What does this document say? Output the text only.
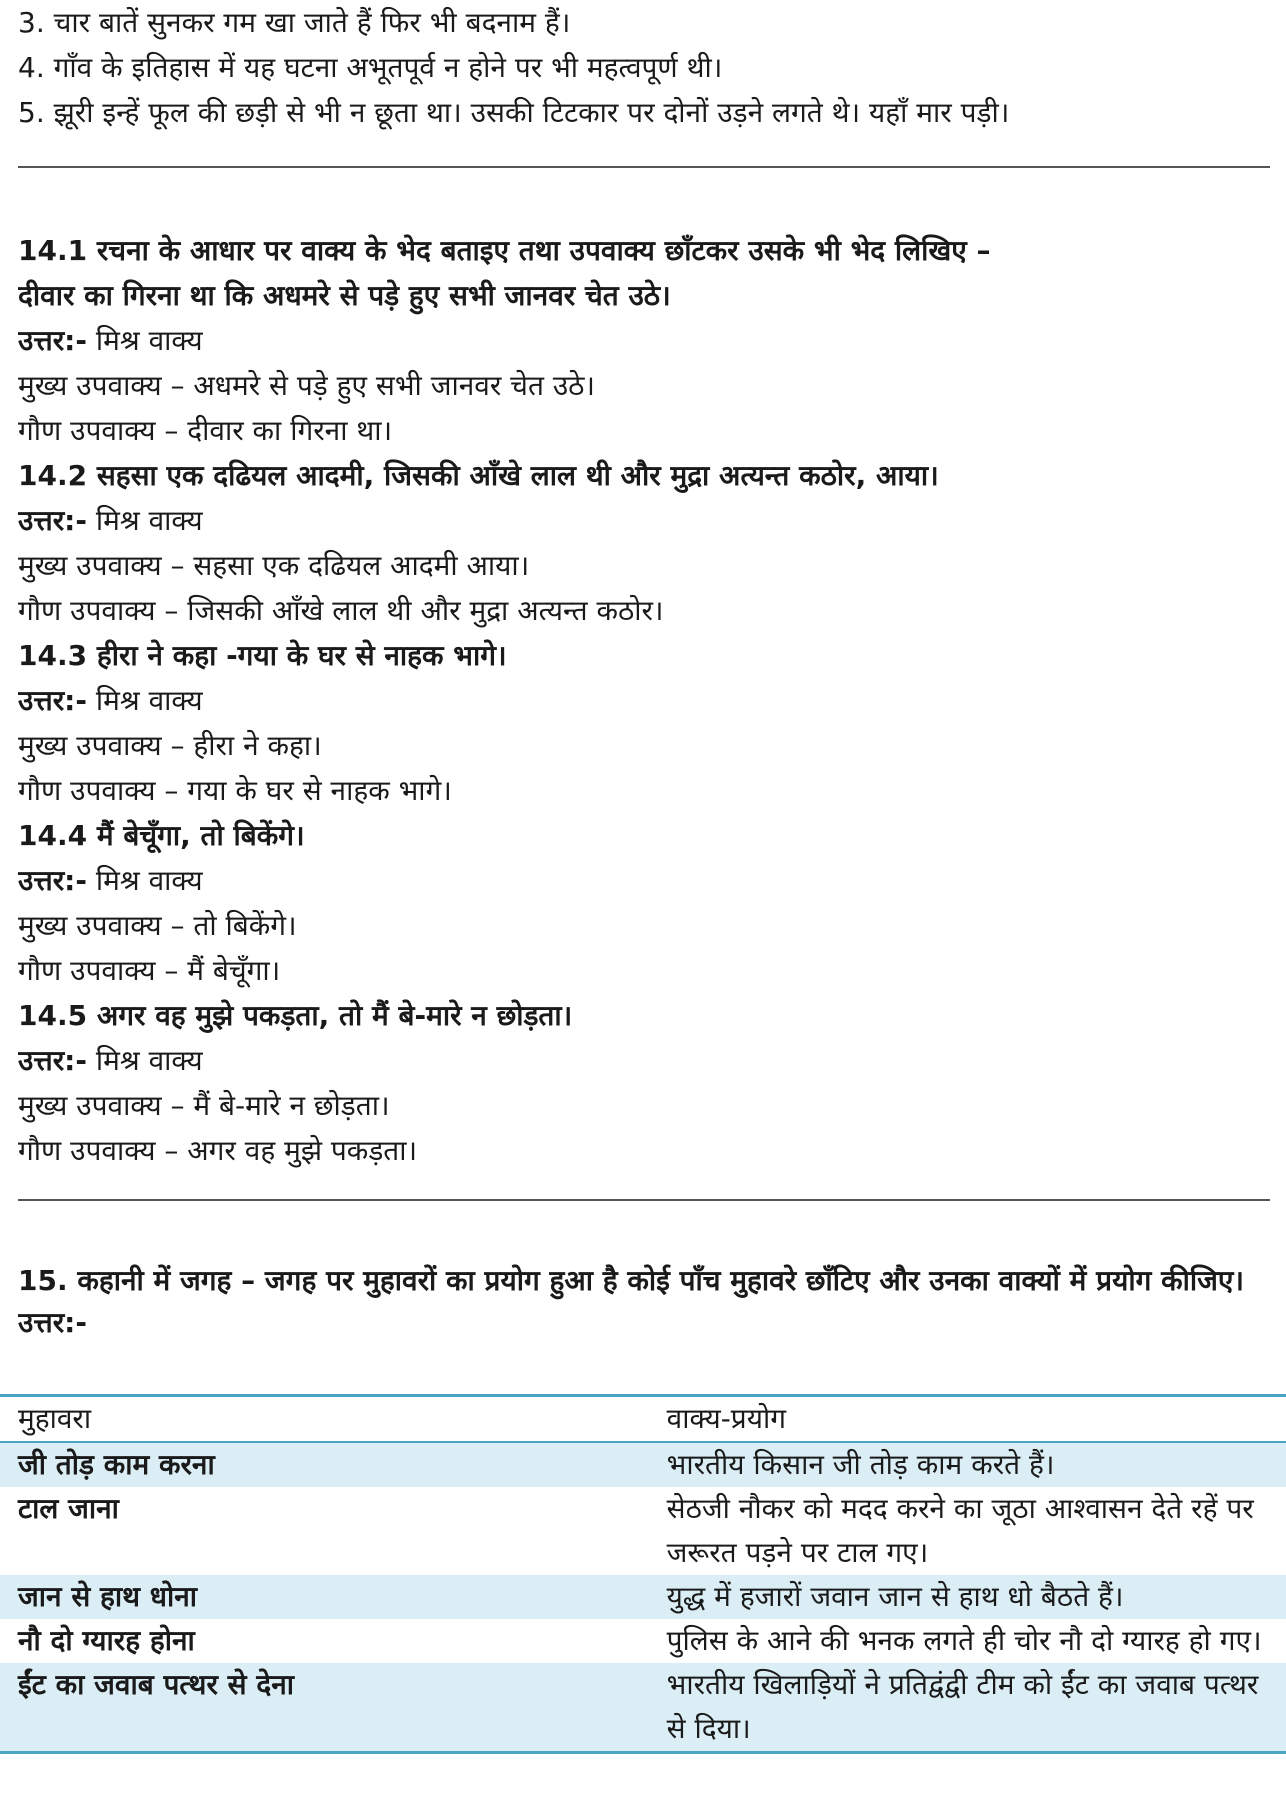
3. चार बातें सुनकर गम खा जाते हैं फिर भी बदनाम हैं।
4. गाँव के इतिहास में यह घटना अभूतपूर्व न होने पर भी महत्वपूर्ण थी।
5. झूरी इन्हें फूल की छड़ी से भी न छूता था। उसकी टिटकार पर दोनों उड़ने लगते थे। यहाँ मार पड़ी।
14.1 रचना के आधार पर वाक्य के भेद बताइए तथा उपवाक्य छाँटकर उसके भी भेद लिखिए –
दीवार का गिरना था कि अधमरे से पड़े हुए सभी जानवर चेत उठे।
उत्तर:- मिश्र वाक्य
मुख्य उपवाक्य – अधमरे से पड़े हुए सभी जानवर चेत उठे।
गौण उपवाक्य – दीवार का गिरना था।
14.2 सहसा एक दढियल आदमी, जिसकी आँखे लाल थी और मुद्रा अत्यन्त कठोर, आया।
उत्तर:- मिश्र वाक्य
मुख्य उपवाक्य – सहसा एक दढियल आदमी आया।
गौण उपवाक्य – जिसकी आँखे लाल थी और मुद्रा अत्यन्त कठोर।
14.3 हीरा ने कहा -गया के घर से नाहक भागे।
उत्तर:- मिश्र वाक्य
मुख्य उपवाक्य – हीरा ने कहा।
गौण उपवाक्य – गया के घर से नाहक भागे।
14.4 मैं बेचूँगा, तो बिकेंगे।
उत्तर:- मिश्र वाक्य
मुख्य उपवाक्य – तो बिकेंगे।
गौण उपवाक्य – मैं बेचूँगा।
14.5 अगर वह मुझे पकड़ता, तो मैं बे-मारे न छोड़ता।
उत्तर:- मिश्र वाक्य
मुख्य उपवाक्य – मैं बे-मारे न छोड़ता।
गौण उपवाक्य – अगर वह मुझे पकड़ता।
15. कहानी में जगह – जगह पर मुहावरों का प्रयोग हुआ है कोई पाँच मुहावरे छाँटिए और उनका वाक्यों में प्रयोग कीजिए।
उत्तर:-
मुहावरा	वाक्य-प्रयोग
जी तोड़ काम करना	भारतीय किसान जी तोड़ काम करते हैं।
टाल जाना	सेठजी नौकर को मदद करने का जूठा आश्वासन देते रहें पर जरूरत पड़ने पर टाल गए।
जान से हाथ धोना	युद्ध में हजारों जवान जान से हाथ धो बैठते हैं।
नौ दो ग्यारह होना	पुलिस के आने की भनक लगते ही चोर नौ दो ग्यारह हो गए।
ईंट का जवाब पत्थर से देना	भारतीय खिलाड़ियों ने प्रतिद्वंद्वी टीम को ईंट का जवाब पत्थर से दिया।
